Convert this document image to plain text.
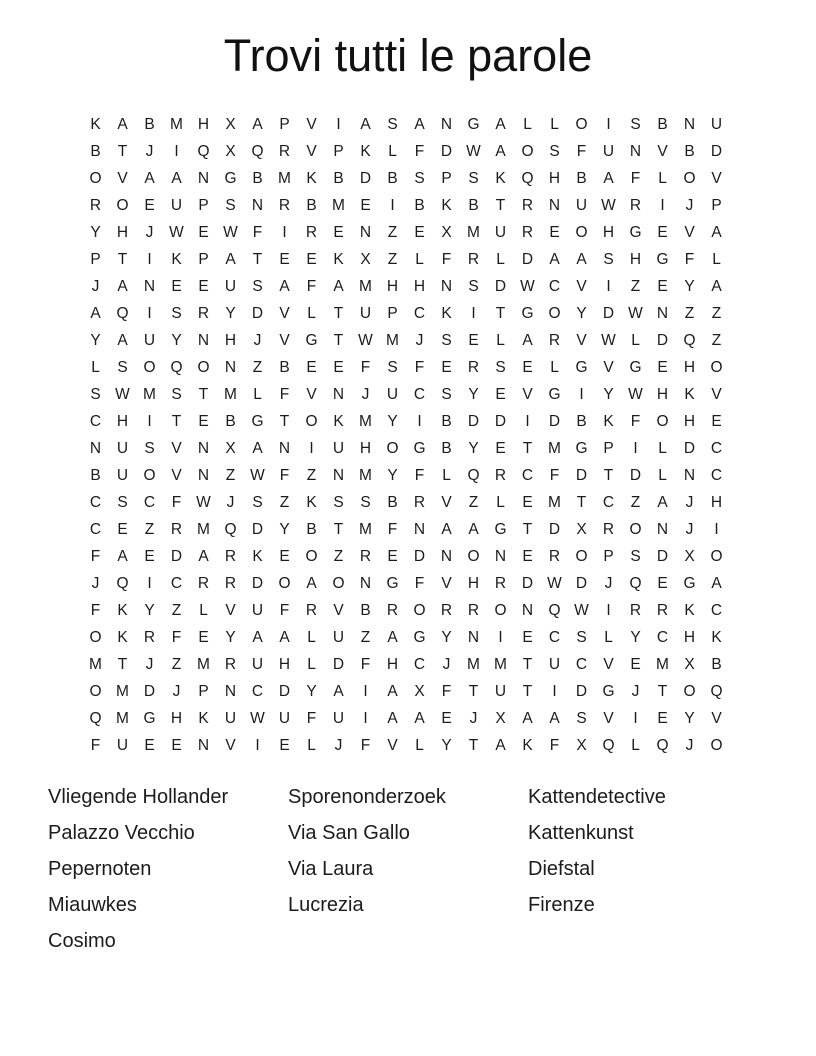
Trovi tutti le parole
K	A	B M H	X	A	P	V	I	A	S	A	N G	A	L	L	O	I	S	B	N	U
B	T	J	I	Q	X	Q R	V	P	K	L	F	D W A	O	S	F	U	N	V	B	D
O	V	A	A	N G	B M K	B	D	B	S	P	S	K	Q H	B	A	F	L	O	V
R O	E	U	P	S	N	R	B M E	I	B	K	B	T	R	N	U W R	I	J	P
Y	H	J	W E W F	I	R	E	N	Z	E	X M U	R	E	O H G	E	V	A
P	T	I	K	P	A	T	E	E	K	X	Z	L	F	R	L	D	A	A	S	H G	F	L
J	A	N	E	E	U	S	A	F	A M H	H	N	S	D W C	V	I	Z	E	Y	A
A	Q	I	S	R	Y	D	V	L	T	U	P	C	K	I	T	G O	Y	D W N	Z	Z
Y	A	U	Y	N	H	J	V	G	T W M	J	S	E	L	A	R	V W L	D Q	Z
L	S	O Q O N	Z	B	E	E	F	S	F	E	R	S	E	L	G	V	G	E	H O
S W M S	T	M	L	F	V	N	J	U	C	S	Y	E	V	G	I	Y W H	K	V
C	H	I	T	E	B	G	T	O	K M Y	I	B	D	D	I	D	B	K	F	O H	E
N	U	S	V	N	X	A	N	I	U	H O G	B	Y	E	T	M G	P	I	L	D	C
B	U O	V	N	Z W F	Z	N M Y	F	L	Q R	C	F	D	T	D	L	N	C
C	S	C	F W	J	S	Z	K	S	S	B	R	V	Z	L	E M	T	C	Z	A	J	H
C	E	Z	R M Q D	Y	B	T	M	F	N	A	A	G	T	D	X	R O N	J	I
F	A	E	D	A	R	K	E	O	Z	R	E	D	N O N	E	R O	P	S	D	X	O
J	Q	I	C	R	R	D O	A	O N G	F	V	H	R	D W D	J	Q	E	G	A
F	K	Y	Z	L	V	U	F	R	V	B	R O R	R O N Q W	I	R	R	K	C
O	K	R	F	E	Y	A	A	L	U	Z	A	G	Y	N	I	E	C	S	L	Y	C	H	K
M	T	J	Z	M R	U	H	L	D	F	H	C	J	M M	T	U	C	V	E M X	B
O M D	J	P	N	C	D	Y	A	I	A	X	F	T	U	T	I	D G	J	T	O Q
Q M G H	K	U W U	F	U	I	A	A	E	J	X	A	A	S	V	I	E	Y	V
F	U	E	E	N	V	I	E	L	J	F	V	L	Y	T	A	K	F	X	Q	L	Q	J	O
Vliegende Hollander
Palazzo Vecchio
Pepernoten
Miauwkes
Cosimo
Sporenonderzoek
Via San Gallo
Via Laura
Lucrezia
Kattendetective
Kattenkunst
Diefstal
Firenze
